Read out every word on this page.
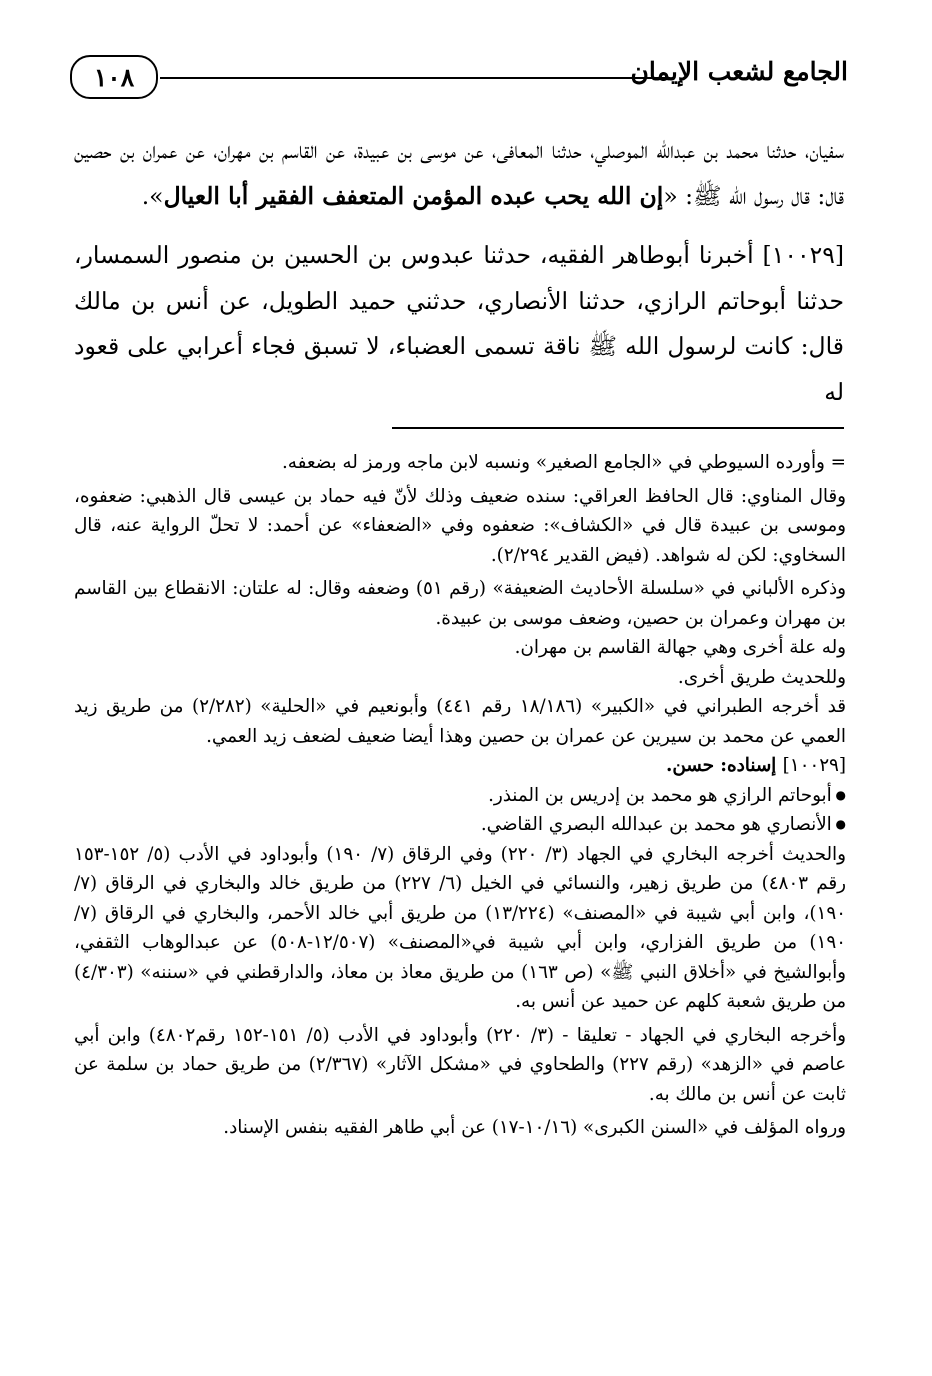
١٠٨	الجامع لشعب الإيمان

سفيان، حدثنا محمد بن عبدالله الموصلي، حدثنا المعافى، عن موسى بن عبيدة، عن القاسم بن مهران، عن عمران بن حصين قال: قال رسول الله ﷺ: «إن الله يحب عبده المؤمن المتعفف الفقير أبا العيال».

[١٠٠٢٩] أخبرنا أبوطاهر الفقيه، حدثنا عبدوس بن الحسين بن منصور السمسار، حدثنا أبوحاتم الرازي، حدثنا الأنصاري، حدثني حميد الطويل، عن أنس بن مالك قال: كانت لرسول الله ﷺ ناقة تسمى العضباء، لا تسبق فجاء أعرابي على قعود له

= وأورده السيوطي في «الجامع الصغير» ونسبه لابن ماجه ورمز له بضعفه.

وقال المناوي: قال الحافظ العراقي: سنده ضعيف وذلك لأنّ فيه حماد بن عيسى قال الذهبي: ضعفوه، وموسى بن عبيدة قال في «الكشاف»: ضعفوه وفي «الضعفاء» عن أحمد: لا تحلّ الرواية عنه، قال السخاوي: لكن له شواهد. (فيض القدير ٢/٢٩٤).

وذكره الألباني في «سلسلة الأحاديث الضعيفة» (رقم ٥١) وضعفه وقال: له علتان: الانقطاع بين القاسم بن مهران وعمران بن حصين، وضعف موسى بن عبيدة.

وله علة أخرى وهي جهالة القاسم بن مهران.

وللحديث طريق أخرى.

قد أخرجه الطبراني في «الكبير» (١٨/١٨٦ رقم ٤٤١) وأبونعيم في «الحلية» (٢/٢٨٢) من طريق زيد العمي عن محمد بن سيرين عن عمران بن حصين وهذا أيضا ضعيف لضعف زيد العمي.

[١٠٠٢٩] إسناده: حسن.

● أبوحاتم الرازي هو محمد بن إدريس بن المنذر.

● الأنصاري هو محمد بن عبدالله البصري القاضي.

والحديث أخرجه البخاري في الجهاد (٣/ ٢٢٠) وفي الرقاق (٧/ ١٩٠) وأبوداود في الأدب (٥/ ١٥٢-١٥٣ رقم ٤٨٠٣) من طريق زهير، والنسائي في الخيل (٦/ ٢٢٧) من طريق خالد والبخاري في الرقاق (٧/ ١٩٠)، وابن أبي شيبة في «المصنف» (١٣/٢٢٤) من طريق أبي خالد الأحمر، والبخاري في الرقاق (٧/ ١٩٠) من طريق الفزاري، وابن أبي شيبة في«المصنف» (١٢/٥٠٧-٥٠٨) عن عبدالوهاب الثقفي، وأبوالشيخ في «أخلاق النبي ﷺ» (ص ١٦٣) من طريق معاذ بن معاذ، والدارقطني في «سننه» (٤/٣٠٣) من طريق شعبة كلهم عن حميد عن أنس به.

وأخرجه البخاري في الجهاد - تعليقا - (٣/ ٢٢٠) وأبوداود في الأدب (٥/ ١٥١-١٥٢ رقم٤٨٠٢) وابن أبي عاصم في «الزهد» (رقم ٢٢٧) والطحاوي في «مشكل الآثار» (٢/٣٦٧) من طريق حماد بن سلمة عن ثابت عن أنس بن مالك به.

ورواه المؤلف في «السنن الكبرى» (١٠/١٦-١٧) عن أبي طاهر الفقيه بنفس الإسناد.
